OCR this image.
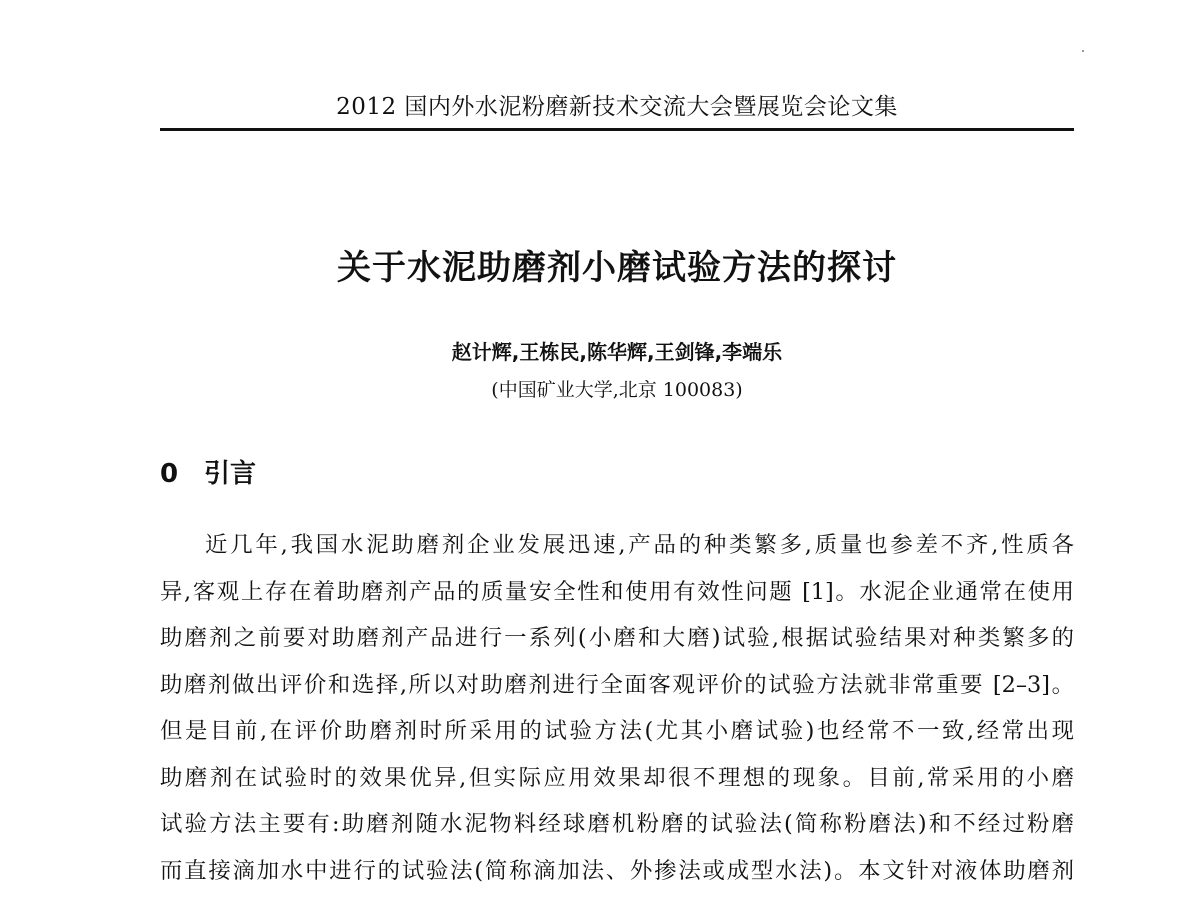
2012 国内外水泥粉磨新技术交流大会暨展览会论文集
关于水泥助磨剂小磨试验方法的探讨
赵计辉,王栋民,陈华辉,王剑锋,李端乐
(中国矿业大学,北京 100083)
0 引言
近几年,我国水泥助磨剂企业发展迅速,产品的种类繁多,质量也参差不齐,性质各
异,客观上存在着助磨剂产品的质量安全性和使用有效性问题 [1]。水泥企业通常在使用
助磨剂之前要对助磨剂产品进行一系列(小磨和大磨)试验,根据试验结果对种类繁多的
助磨剂做出评价和选择,所以对助磨剂进行全面客观评价的试验方法就非常重要 [2–3]。
但是目前,在评价助磨剂时所采用的试验方法(尤其小磨试验)也经常不一致,经常出现
助磨剂在试验时的效果优异,但实际应用效果却很不理想的现象。目前,常采用的小磨
试验方法主要有:助磨剂随水泥物料经球磨机粉磨的试验法(简称粉磨法)和不经过粉磨
而直接滴加水中进行的试验法(简称滴加法、外掺法或成型水法)。本文针对液体助磨剂
